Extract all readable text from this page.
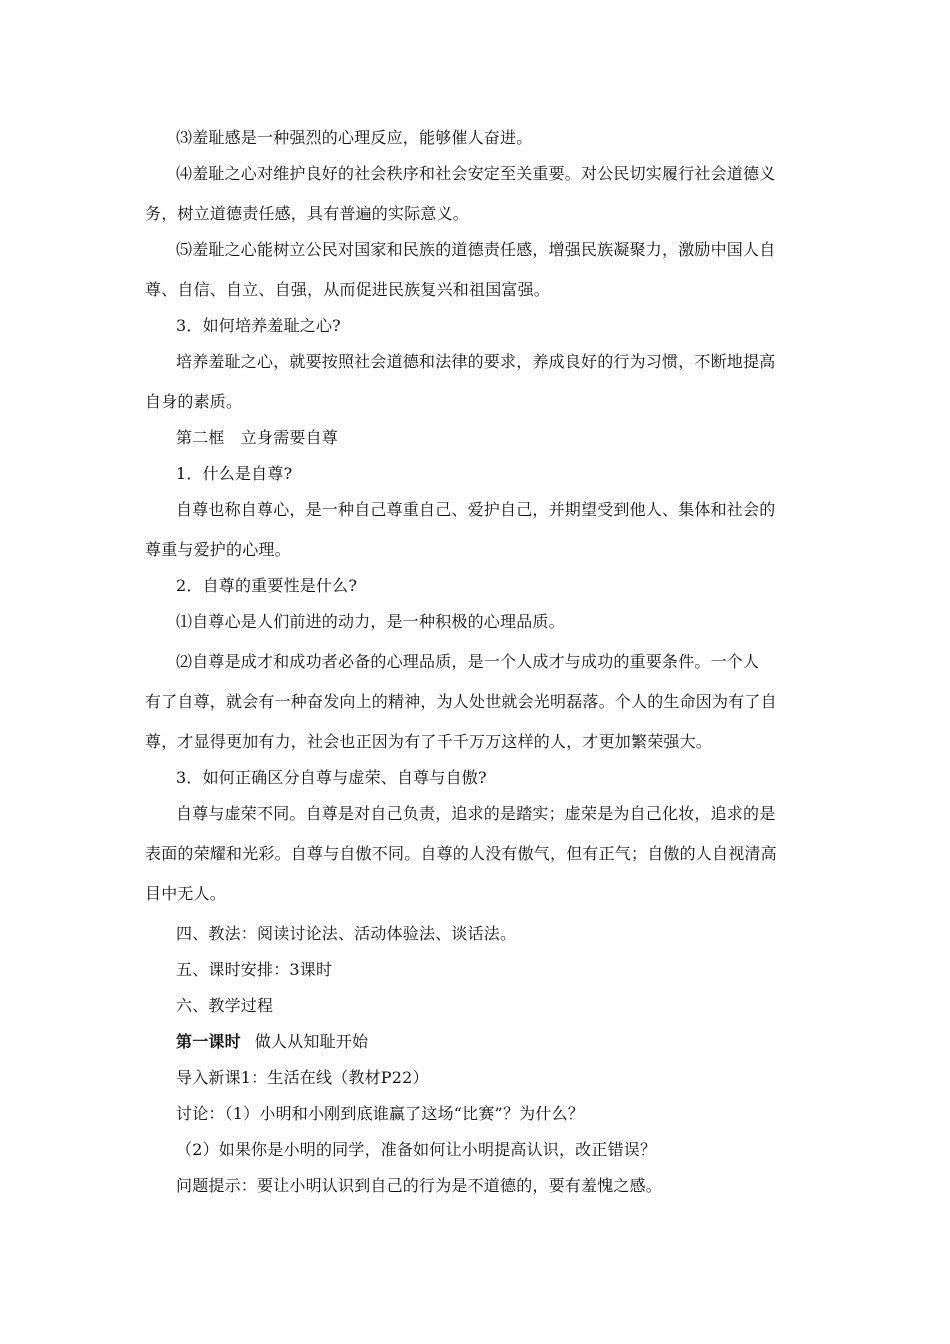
⑶羞耻感是一种强烈的心理反应，能够催人奋进。
⑷羞耻之心对维护良好的社会秩序和社会安定至关重要。对公民切实履行社会道德义
务，树立道德责任感，具有普遍的实际意义。
⑸羞耻之心能树立公民对国家和民族的道德责任感，增强民族凝聚力，激励中国人自
尊、自信、自立、自强，从而促进民族复兴和祖国富强。
3．如何培养羞耻之心?
培养羞耻之心，就要按照社会道德和法律的要求，养成良好的行为习惯，不断地提高
自身的素质。
第二框　立身需要自尊
1．什么是自尊?
自尊也称自尊心，是一种自己尊重自己、爱护自己，并期望受到他人、集体和社会的
尊重与爱护的心理。
2．自尊的重要性是什么?
⑴自尊心是人们前进的动力，是一种积极的心理品质。
⑵自尊是成才和成功者必备的心理品质，是一个人成才与成功的重要条件。一个人
有了自尊，就会有一种奋发向上的精神，为人处世就会光明磊落。个人的生命因为有了自
尊，才显得更加有力，社会也正因为有了千千万万这样的人，才更加繁荣强大。
3．如何正确区分自尊与虚荣、自尊与自傲?
自尊与虚荣不同。自尊是对自己负责，追求的是踏实；虚荣是为自己化妆，追求的是
表面的荣耀和光彩。自尊与自傲不同。自尊的人没有傲气，但有正气；自傲的人自视清高
目中无人。
四、教法：阅读讨论法、活动体验法、谈话法。
五、课时安排：3课时
六、教学过程
第一课时 做人从知耻开始
导入新课1：生活在线（教材P22）
讨论：（1）小明和小刚到底谁赢了这场“比赛”？为什么？
（2）如果你是小明的同学，准备如何让小明提高认识，改正错误？
问题提示：要让小明认识到自己的行为是不道德的，要有羞愧之感。
